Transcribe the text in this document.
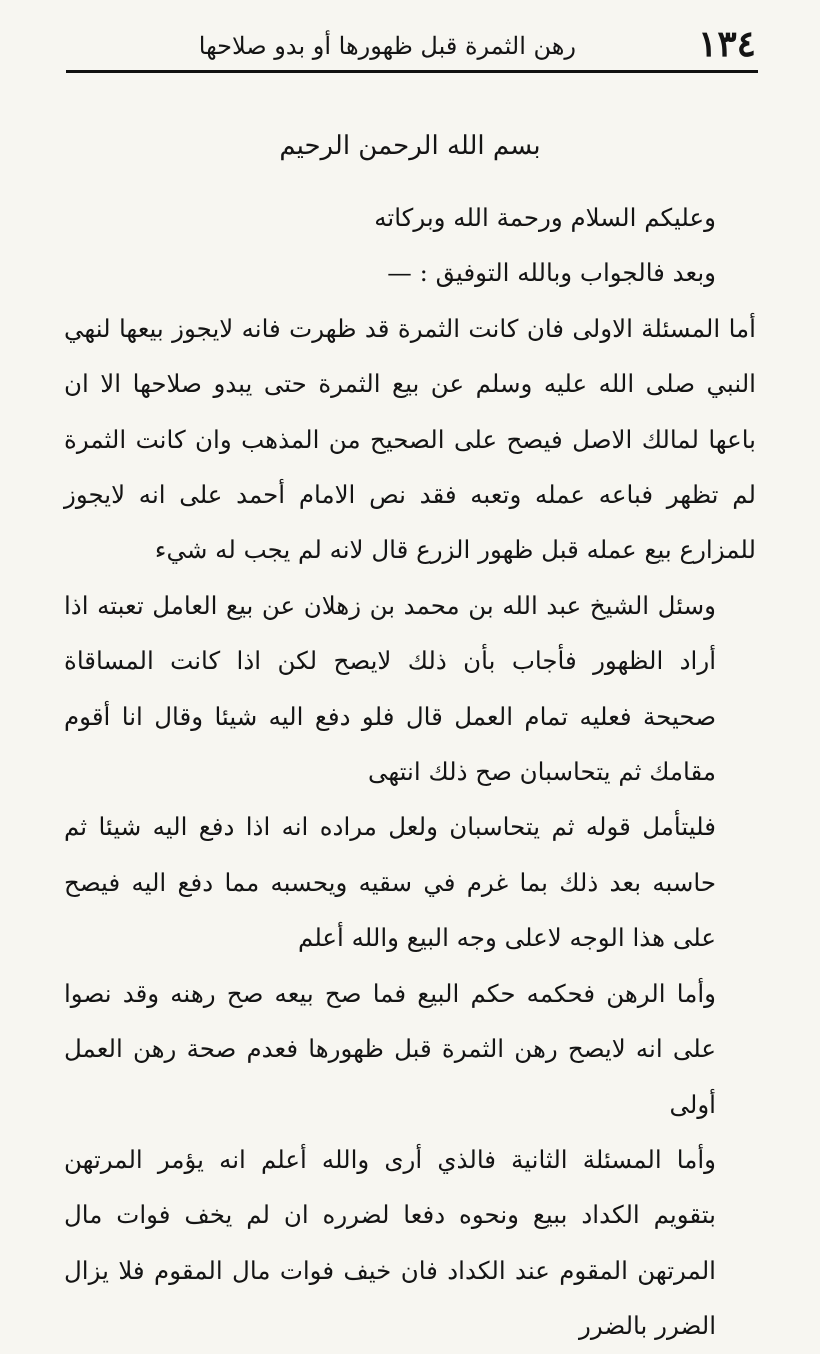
١٣٤
رهن الثمرة قبل ظهورها أو بدو صلاحها
بسم الله الرحمن الرحيم

وعليكم السلام ورحمة الله وبركاته

وبعد فالجواب وبالله التوفيق : —

أما المسئلة الاولى فان كانت الثمرة قد ظهرت فانه لايجوز بيعها لنهي النبي صلى الله عليه وسلم عن بيع الثمرة حتى يبدو صلاحها الا ان باعها لمالك الاصل فيصح على الصحيح من المذهب وان كانت الثمرة لم تظهر فباعه عمله وتعبه فقد نص الامام أحمد على انه لايجوز للمزارع بيع عمله قبل ظهور الزرع قال لانه لم يجب له شيء

وسئل الشيخ عبد الله بن محمد بن زهلان عن بيع العامل تعبته اذا أراد الظهور فأجاب بأن ذلك لايصح لكن اذا كانت المساقاة صحيحة فعليه تمام العمل قال فلو دفع اليه شيئا وقال انا أقوم مقامك ثم يتحاسبان صح ذلك انتهى

فليتأمل قوله ثم يتحاسبان ولعل مراده انه اذا دفع اليه شيئا ثم حاسبه بعد ذلك بما غرم في سقيه ويحسبه مما دفع اليه فيصح على هذا الوجه لاعلى وجه البيع والله أعلم

وأما الرهن فحكمه حكم البيع فما صح بيعه صح رهنه وقد نصوا على انه لايصح رهن الثمرة قبل ظهورها فعدم صحة رهن العمل أولى

وأما المسئلة الثانية فالذي أرى والله أعلم انه يؤمر المرتهن بتقويم الكداد ببيع ونحوه دفعا لضرره ان لم يخف فوات مال المرتهن المقوم عند الكداد فان خيف فوات مال المقوم فلا يزال الضرر بالضرر
